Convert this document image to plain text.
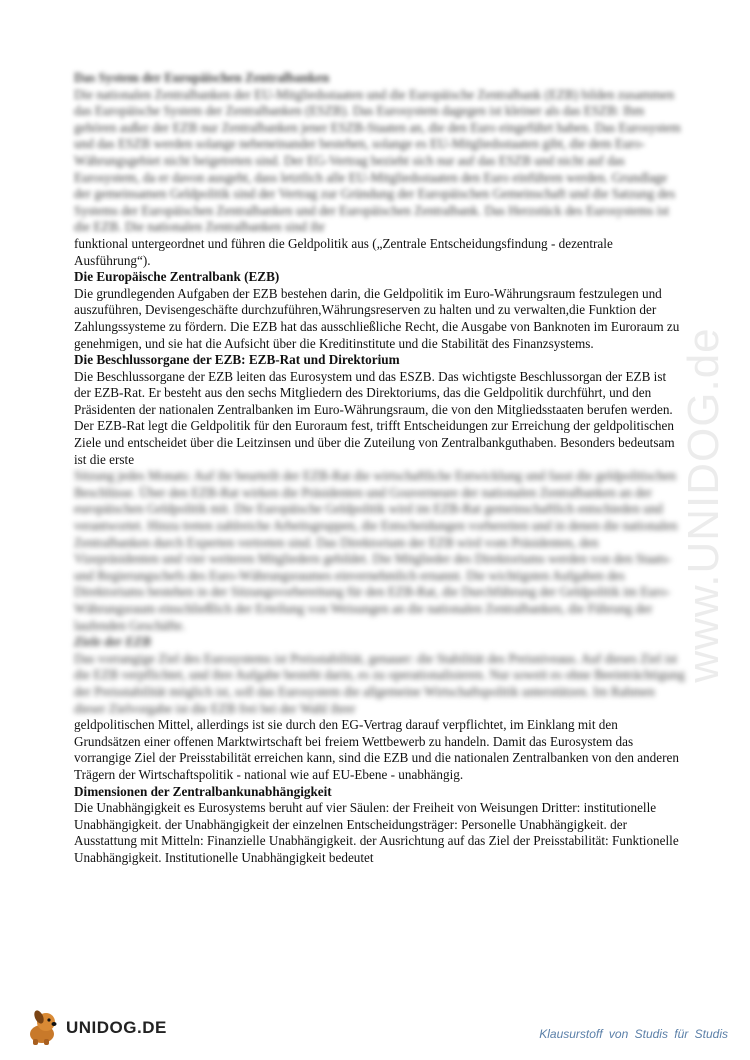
www.UNIDOG.de

Das System der Europäischen Zentralbanken

Die nationalen Zentralbanken der EU-Mitgliedsstaaten und die Europäische Zentralbank (EZB) bilden zusammen das Europäische System der Zentralbanken (ESZB). Das Eurosystem dagegen ist kleiner als das ESZB: Ihm gehören außer der EZB nur Zentralbanken jener ESZB-Staaten an, die den Euro eingeführt haben. Das Eurosystem und das ESZB werden solange nebeneinander bestehen, solange es EU-Mitgliedsstaaten gibt, die dem Euro-Währungsgebiet nicht beigetreten sind. Der EG-Vertrag bezieht sich nur auf das ESZB und nicht auf das Eurosystem, da er davon ausgeht, dass letztlich alle EU-Mitgliedsstaaten den Euro einführen werden. Grundlage der gemeinsamen Geldpolitik sind der Vertrag zur Gründung der Europäischen Gemeinschaft und die Satzung des Systems der Europäischen Zentralbanken und der Europäischen Zentralbank. Das Herzstück des Eurosystems ist die EZB. Die nationalen Zentralbanken sind ihr

funktional untergeordnet und führen die Geldpolitik aus („Zentrale Entscheidungsfindung - dezentrale Ausführung“).

Die Europäische Zentralbank (EZB)

Die grundlegenden Aufgaben der EZB bestehen darin, die Geldpolitik im Euro-Währungsraum festzulegen und auszuführen, Devisengeschäfte durchzuführen,Währungsreserven zu halten und zu verwalten,die Funktion der Zahlungssysteme zu fördern. Die EZB hat das ausschließliche Recht, die Ausgabe von Banknoten im Euroraum zu genehmigen, und sie hat die Aufsicht über die Kreditinstitute und die Stabilität des Finanzsystems.

Die Beschlussorgane der EZB: EZB-Rat und Direktorium

Die Beschlussorgane der EZB leiten das Eurosystem und das ESZB. Das wichtigste Beschlussorgan der EZB ist der EZB-Rat. Er besteht aus den sechs Mitgliedern des Direktoriums, das die Geldpolitik durchführt, und den Präsidenten der nationalen Zentralbanken im Euro-Währungsraum, die von den Mitgliedsstaaten berufen werden. Der EZB-Rat legt die Geldpolitik für den Euroraum fest, trifft Entscheidungen zur Erreichung der geldpolitischen Ziele und entscheidet über die Leitzinsen und über die Zuteilung von Zentralbankguthaben. Besonders bedeutsam ist die erste

Sitzung jedes Monats: Auf ihr beurteilt der EZB-Rat die wirtschaftliche Entwicklung und fasst die geldpolitischen Beschlüsse. Über den EZB-Rat wirken die Präsidenten und Gouverneure der nationalen Zentralbanken an der europäischen Geldpolitik mit. Die Europäische Geldpolitik wird im EZB-Rat gemeinschaftlich entschieden und verantwortet. Hinzu treten zahlreiche Arbeitsgruppen, die Entscheidungen vorbereiten und in denen die nationalen Zentralbanken durch Experten vertreten sind. Das Direktorium der EZB wird vom Präsidenten, den Vizepräsidenten und vier weiteren Mitgliedern gebildet. Die Mitglieder des Direktoriums werden von den Staats- und Regierungschefs des Euro-Währungsraumes einvernehmlich ernannt. Die wichtigsten Aufgaben des Direktoriums bestehen in der Sitzungsvorbereitung für den EZB-Rat, die Durchführung der Geldpolitik im Euro-Währungsraum einschließlich der Erteilung von Weisungen an die nationalen Zentralbanken, die Führung der laufenden Geschäfte.

Ziele der EZB

Das vorrangige Ziel des Eurosystems ist Preisstabilität, genauer: die Stabilität des Preisniveaus. Auf dieses Ziel ist die EZB verpflichtet, und ihre Aufgabe besteht darin, es zu operationalisieren. Nur soweit es ohne Beeinträchtigung der Preisstabilität möglich ist, soll das Eurosystem die allgemeine Wirtschaftspolitik unterstützen. Im Rahmen dieser Zielvorgabe ist die EZB frei bei der Wahl ihrer

geldpolitischen Mittel, allerdings ist sie durch den EG-Vertrag darauf verpflichtet, im Einklang mit den Grundsätzen einer offenen Marktwirtschaft bei freiem Wettbewerb zu handeln. Damit das Eurosystem das vorrangige Ziel der Preisstabilität erreichen kann, sind die EZB und die nationalen Zentralbanken von den anderen Trägern der Wirtschaftspolitik - national wie auf EU-Ebene - unabhängig.

Dimensionen der Zentralbankunabhängigkeit

Die Unabhängigkeit es Eurosystems beruht auf vier Säulen: der Freiheit von Weisungen Dritter: institutionelle Unabhängigkeit. der Unabhängigkeit der einzelnen Entscheidungsträger: Personelle Unabhängigkeit. der Ausstattung mit Mitteln: Finanzielle Unabhängigkeit. der Ausrichtung auf das Ziel der Preisstabilität: Funktionelle Unabhängigkeit. Institutionelle Unabhängigkeit bedeutet

UNIDOG.DE	Klausurstoff von Studis für Studis
